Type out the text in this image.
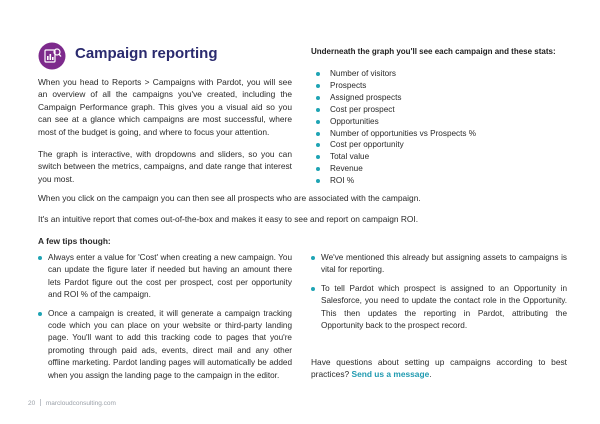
Campaign reporting

When you head to Reports > Campaigns with Pardot, you will see an overview of all the campaigns you've created, including the Campaign Performance graph. This gives you a visual aid so you can see at a glance which campaigns are most successful, where most of the budget is going, and where to focus your attention.

The graph is interactive, with dropdowns and sliders, so you can switch between the metrics, campaigns, and date range that interest you most.

Underneath the graph you'll see each campaign and these stats:
Number of visitors
Prospects
Assigned prospects
Cost per prospect
Opportunities
Number of opportunities vs Prospects %
Cost per opportunity
Total value
Revenue
ROI %

When you click on the campaign you can then see all prospects who are associated with the campaign.

It's an intuitive report that comes out-of-the-box and makes it easy to see and report on campaign ROI.

A few tips though:
Always enter a value for 'Cost' when creating a new campaign. You can update the figure later if needed but having an amount there lets Pardot figure out the cost per prospect, cost per opportunity and ROI % of the campaign.
Once a campaign is created, it will generate a campaign tracking code which you can place on your website or third-party landing page. You'll want to add this tracking code to pages that you're promoting through paid ads, events, direct mail and any other offline marketing. Pardot landing pages will automatically be added when you assign the landing page to the campaign in the editor.
We've mentioned this already but assigning assets to campaigns is vital for reporting.
To tell Pardot which prospect is assigned to an Opportunity in Salesforce, you need to update the contact role in the Opportunity. This then updates the reporting in Pardot, attributing the Opportunity back to the prospect record.

Have questions about setting up campaigns according to best practices? Send us a message.

20 marcloudconsulting.com
